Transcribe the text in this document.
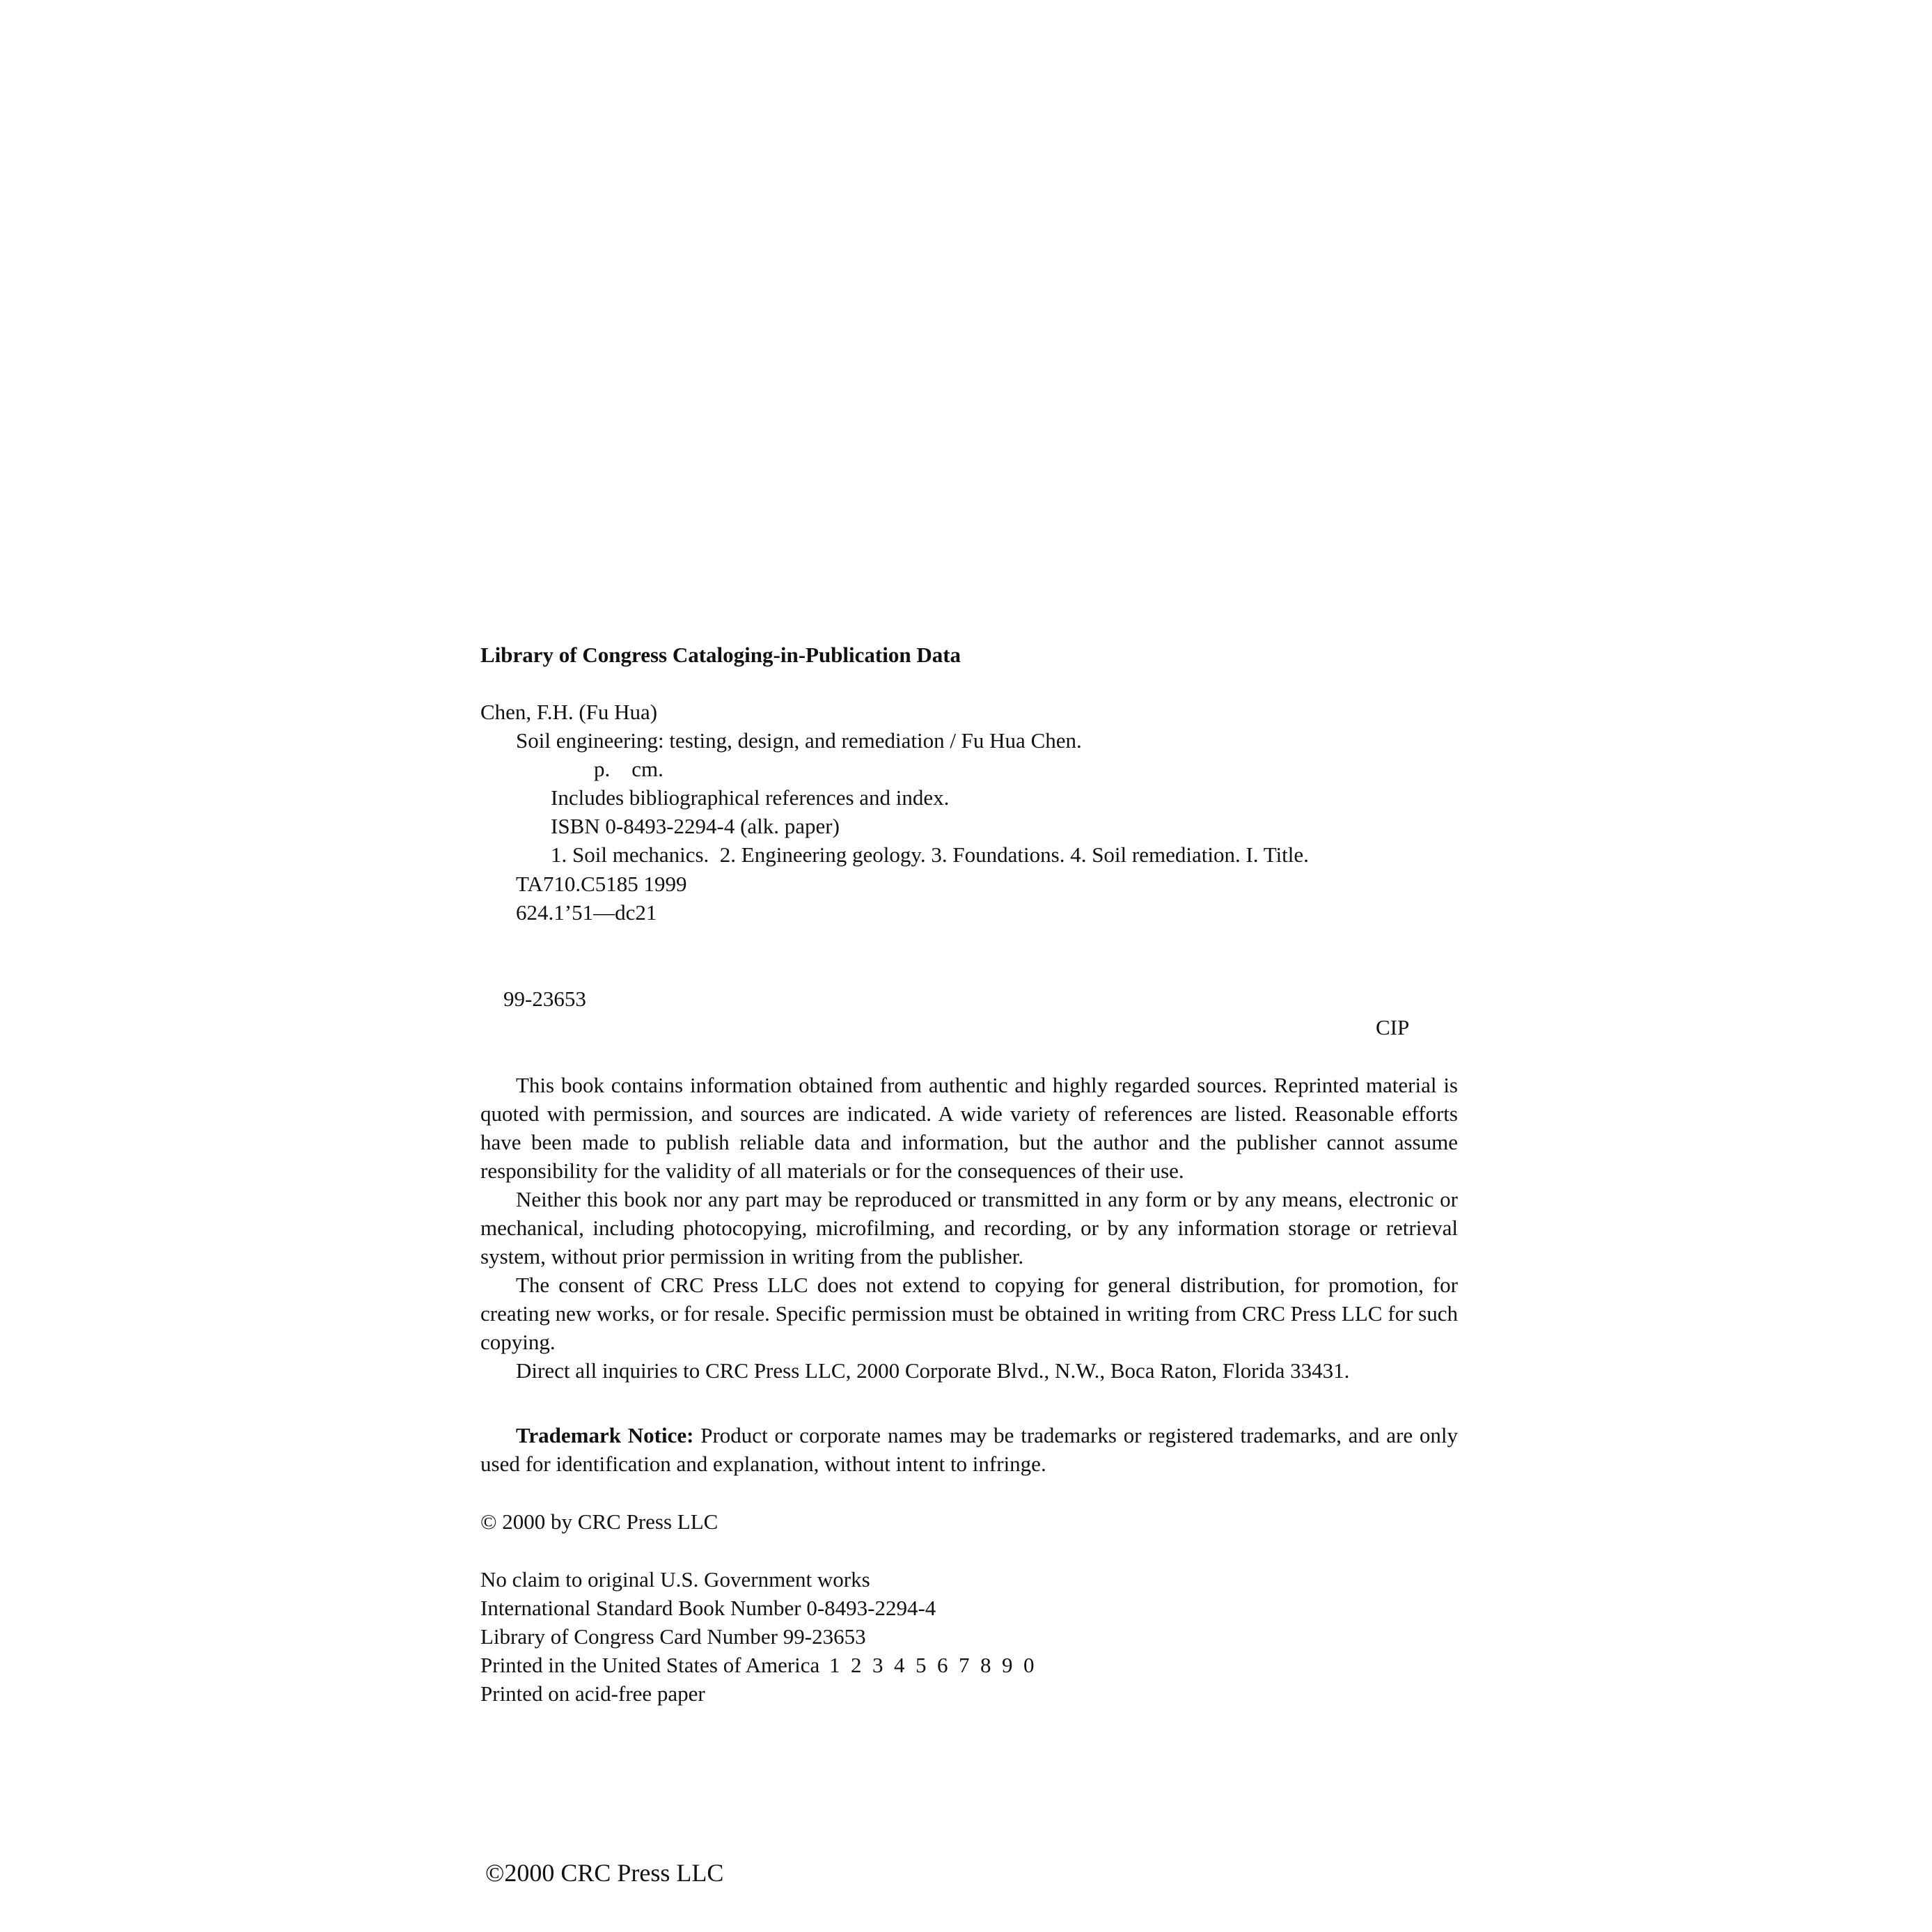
Library of Congress Cataloging-in-Publication Data
Chen, F.H. (Fu Hua)
Soil engineering: testing, design, and remediation / Fu Hua Chen.
p.    cm.
Includes bibliographical references and index.
ISBN 0-8493-2294-4 (alk. paper)
1. Soil mechanics.  2. Engineering geology. 3. Foundations. 4. Soil remediation. I. Title.
TA710.C5185 1999
624.1’51—dc21
99-23653
CIP

This book contains information obtained from authentic and highly regarded sources. Reprinted material is quoted with permission, and sources are indicated. A wide variety of references are listed. Reasonable efforts have been made to publish reliable data and information, but the author and the publisher cannot assume responsibility for the validity of all materials or for the consequences of their use.

Neither this book nor any part may be reproduced or transmitted in any form or by any means, electronic or mechanical, including photocopying, microfilming, and recording, or by any information storage or retrieval system, without prior permission in writing from the publisher.

The consent of CRC Press LLC does not extend to copying for general distribution, for promotion, for creating new works, or for resale. Specific permission must be obtained in writing from CRC Press LLC for such copying.

Direct all inquiries to CRC Press LLC, 2000 Corporate Blvd., N.W., Boca Raton, Florida 33431.

Trademark Notice: Product or corporate names may be trademarks or registered trademarks, and are only used for identification and explanation, without intent to infringe.

© 2000 by CRC Press LLC
No claim to original U.S. Government works
International Standard Book Number 0-8493-2294-4
Library of Congress Card Number 99-23653
Printed in the United States of America 1  2  3  4  5  6  7  8  9  0
Printed on acid-free paper
©2000 CRC Press LLC
